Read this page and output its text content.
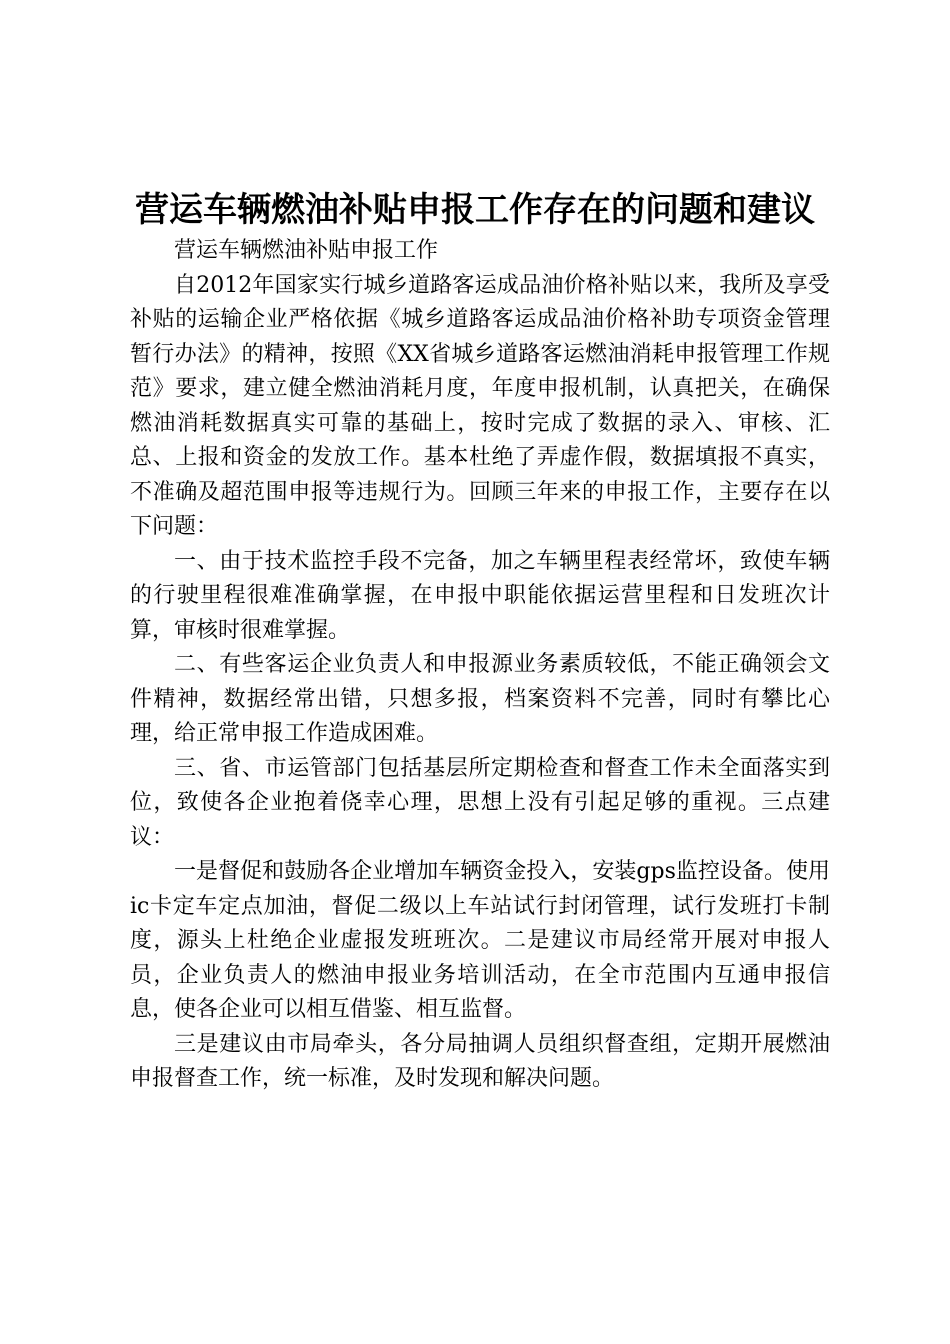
营运车辆燃油补贴申报工作存在的问题和建议

营运车辆燃油补贴申报工作

自2012年国家实行城乡道路客运成品油价格补贴以来，我所及享受补贴的运输企业严格依据《城乡道路客运成品油价格补助专项资金管理暂行办法》的精神，按照《XX省城乡道路客运燃油消耗申报管理工作规范》要求，建立健全燃油消耗月度，年度申报机制，认真把关，在确保燃油消耗数据真实可靠的基础上，按时完成了数据的录入、审核、汇总、上报和资金的发放工作。基本杜绝了弄虚作假，数据填报不真实，不准确及超范围申报等违规行为。回顾三年来的申报工作，主要存在以下问题：

一、由于技术监控手段不完备，加之车辆里程表经常坏，致使车辆的行驶里程很难准确掌握，在申报中职能依据运营里程和日发班次计算，审核时很难掌握。

二、有些客运企业负责人和申报源业务素质较低，不能正确领会文件精神，数据经常出错，只想多报，档案资料不完善，同时有攀比心理，给正常申报工作造成困难。

三、省、市运管部门包括基层所定期检查和督查工作未全面落实到位，致使各企业抱着侥幸心理，思想上没有引起足够的重视。三点建议：

一是督促和鼓励各企业增加车辆资金投入，安装gps监控设备。使用ic卡定车定点加油，督促二级以上车站试行封闭管理，试行发班打卡制度，源头上杜绝企业虚报发班班次。二是建议市局经常开展对申报人员，企业负责人的燃油申报业务培训活动，在全市范围内互通申报信息，使各企业可以相互借鉴、相互监督。

三是建议由市局牵头，各分局抽调人员组织督查组，定期开展燃油申报督查工作，统一标准，及时发现和解决问题。
